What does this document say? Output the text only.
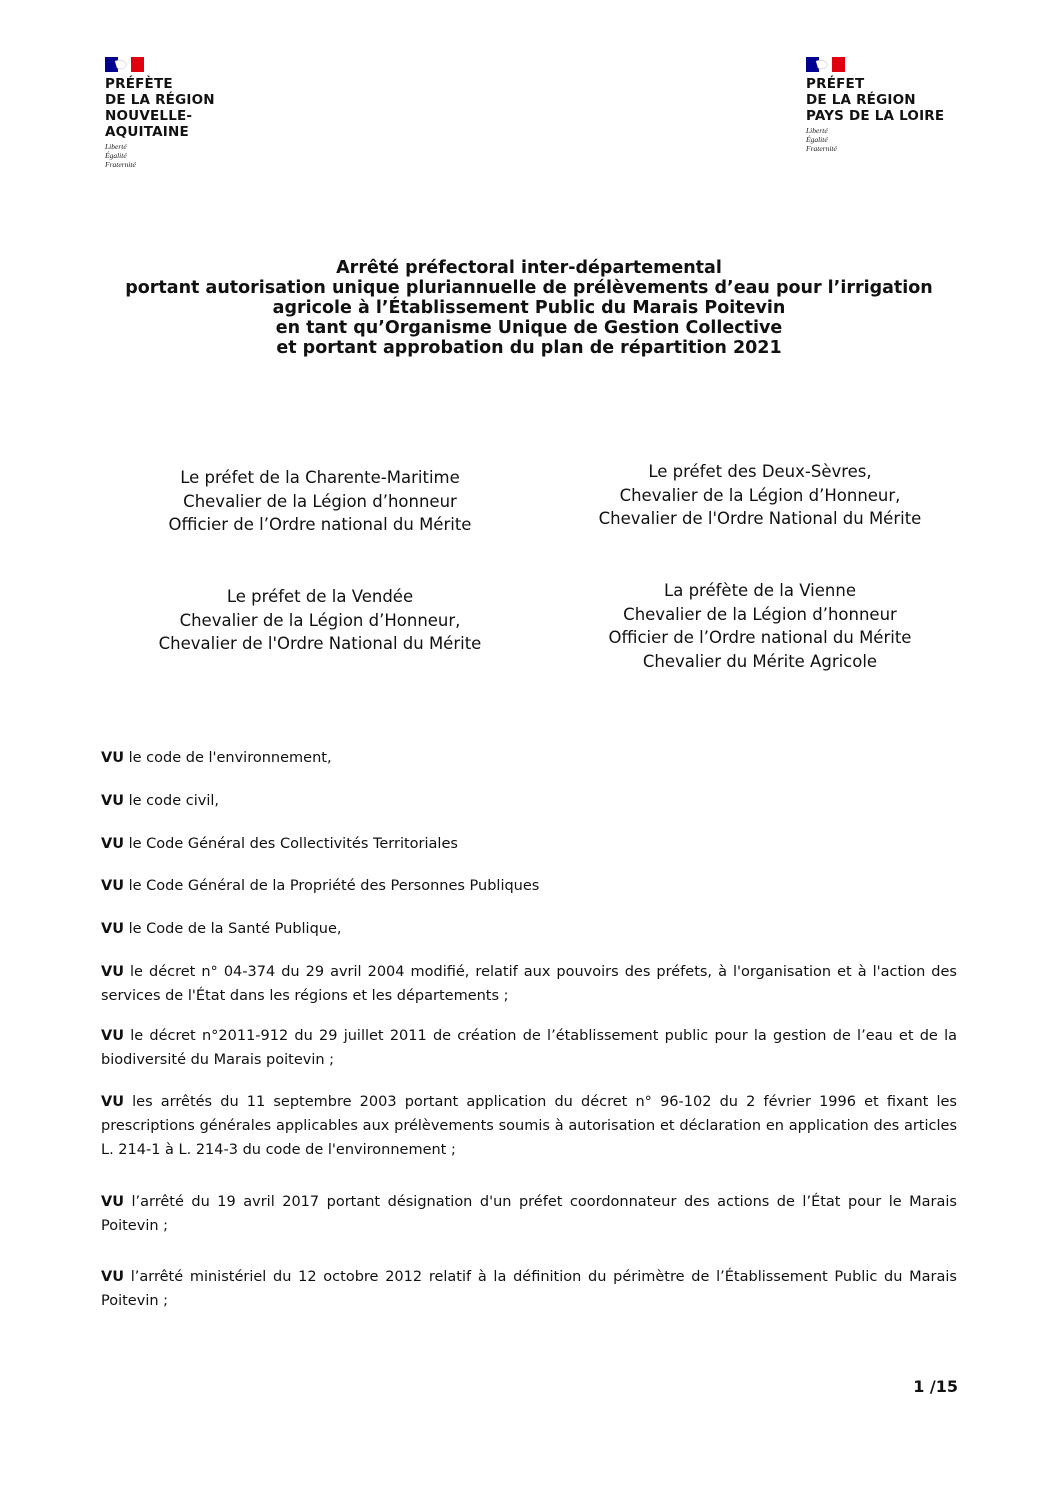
PRÉFÈTE
DE LA RÉGION
NOUVELLE-
AQUITAINE
Liberté
Égalité
Fraternité
PRÉFET
DE LA RÉGION
PAYS DE LA LOIRE
Liberté
Égalité
Fraternité
Arrêté préfectoral inter-départemental
portant autorisation unique pluriannuelle de prélèvements d’eau pour l’irrigation
agricole à l’Établissement Public du Marais Poitevin
en tant qu’Organisme Unique de Gestion Collective
et portant approbation du plan de répartition 2021
Le préfet de la Charente-Maritime
Chevalier de la Légion d’honneur
Officier de l’Ordre national du Mérite
Le préfet des Deux-Sèvres,
Chevalier de la Légion d’Honneur,
Chevalier de l'Ordre National du Mérite
Le préfet de la Vendée
Chevalier de la Légion d’Honneur,
Chevalier de l'Ordre National du Mérite
La préfète de la Vienne
Chevalier de la Légion d’honneur
Officier de l’Ordre national du Mérite
Chevalier du Mérite Agricole
VU le code de l'environnement,
VU le code civil,
VU le Code Général des Collectivités Territoriales
VU le Code Général de la Propriété des Personnes Publiques
VU le Code de la Santé Publique,
VU le décret n° 04-374 du 29 avril 2004 modifié, relatif aux pouvoirs des préfets, à l'organisation et à l'action des services de l'État dans les régions et les départements ;
VU le décret n°2011-912 du 29 juillet 2011 de création de l’établissement public pour la gestion de l’eau et de la biodiversité du Marais poitevin ;
VU les arrêtés du 11 septembre 2003 portant application du décret n° 96-102 du 2 février 1996 et fixant les prescriptions générales applicables aux prélèvements soumis à autorisation et déclaration en application des articles L. 214-1 à L. 214-3 du code de l'environnement ;
VU l’arrêté du 19 avril 2017 portant désignation d'un préfet coordonnateur des actions de l’État pour le Marais Poitevin ;
VU l’arrêté ministériel du 12 octobre 2012 relatif à la définition du périmètre de l’Établissement Public du Marais Poitevin ;
1 /15
